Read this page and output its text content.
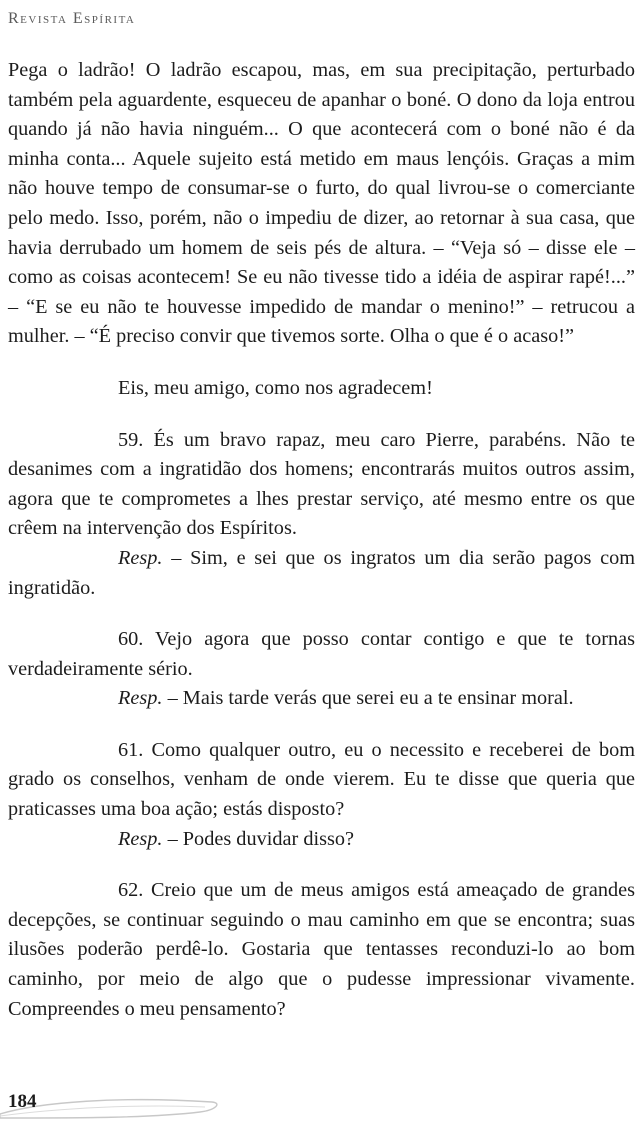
Revista Espírita

Pega o ladrão! O ladrão escapou, mas, em sua precipitação, perturbado também pela aguardente, esqueceu de apanhar o boné. O dono da loja entrou quando já não havia ninguém... O que acontecerá com o boné não é da minha conta... Aquele sujeito está metido em maus lençóis. Graças a mim não houve tempo de consumar-se o furto, do qual livrou-se o comerciante pelo medo. Isso, porém, não o impediu de dizer, ao retornar à sua casa, que havia derrubado um homem de seis pés de altura. – “Veja só – disse ele – como as coisas acontecem! Se eu não tivesse tido a idéia de aspirar rapé!...” – “E se eu não te houvesse impedido de mandar o menino!” – retrucou a mulher. – “É preciso convir que tivemos sorte. Olha o que é o acaso!”

Eis, meu amigo, como nos agradecem!

59. És um bravo rapaz, meu caro Pierre, parabéns. Não te desanimes com a ingratidão dos homens; encontrarás muitos outros assim, agora que te comprometes a lhes prestar serviço, até mesmo entre os que crêem na intervenção dos Espíritos.

Resp. – Sim, e sei que os ingratos um dia serão pagos com ingratidão.

60. Vejo agora que posso contar contigo e que te tornas verdadeiramente sério.

Resp. – Mais tarde verás que serei eu a te ensinar moral.

61. Como qualquer outro, eu o necessito e receberei de bom grado os conselhos, venham de onde vierem. Eu te disse que queria que praticasses uma boa ação; estás disposto?

Resp. – Podes duvidar disso?

62. Creio que um de meus amigos está ameaçado de grandes decepções, se continuar seguindo o mau caminho em que se encontra; suas ilusões poderão perdê-lo. Gostaria que tentasses reconduzi-lo ao bom caminho, por meio de algo que o pudesse impressionar vivamente. Compreendes o meu pensamento?

184
